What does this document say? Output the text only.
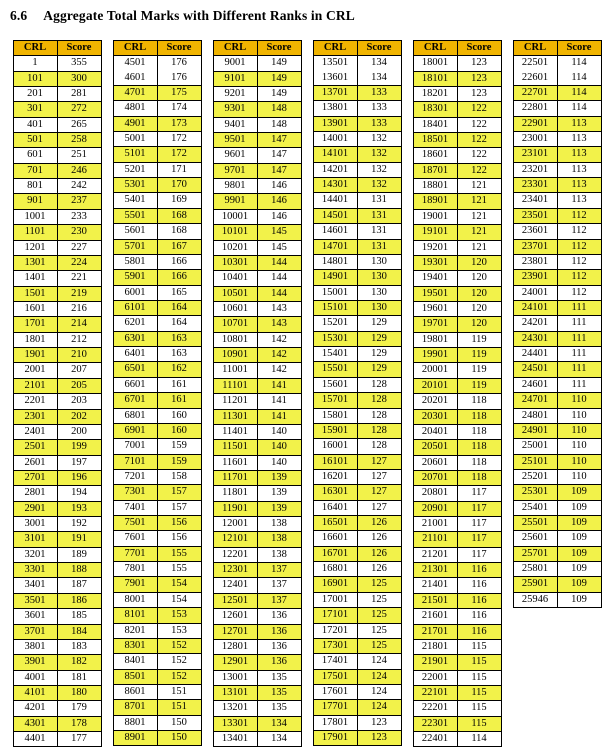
6.6 Aggregate Total Marks with Different Ranks in CRL
CRL	Score
1	355
101	300
201	281
301	272
401	265
501	258
601	251
701	246
801	242
901	237
1001	233
1101	230
1201	227
1301	224
1401	221
1501	219
1601	216
1701	214
1801	212
1901	210
2001	207
2101	205
2201	203
2301	202
2401	200
2501	199
2601	197
2701	196
2801	194
2901	193
3001	192
3101	191
3201	189
3301	188
3401	187
3501	186
3601	185
3701	184
3801	183
3901	182
4001	181
4101	180
4201	179
4301	178
4401	177
CRL	Score
4501	176
4601	176
4701	175
4801	174
4901	173
5001	172
5101	172
5201	171
5301	170
5401	169
5501	168
5601	168
5701	167
5801	166
5901	166
6001	165
6101	164
6201	164
6301	163
6401	163
6501	162
6601	161
6701	161
6801	160
6901	160
7001	159
7101	159
7201	158
7301	157
7401	157
7501	156
7601	156
7701	155
7801	155
7901	154
8001	154
8101	153
8201	153
8301	152
8401	152
8501	152
8601	151
8701	151
8801	150
8901	150
CRL	Score
9001	149
9101	149
9201	149
9301	148
9401	148
9501	147
9601	147
9701	147
9801	146
9901	146
10001	146
10101	145
10201	145
10301	144
10401	144
10501	144
10601	143
10701	143
10801	142
10901	142
11001	142
11101	141
11201	141
11301	141
11401	140
11501	140
11601	140
11701	139
11801	139
11901	139
12001	138
12101	138
12201	138
12301	137
12401	137
12501	137
12601	136
12701	136
12801	136
12901	136
13001	135
13101	135
13201	135
13301	134
13401	134
CRL	Score
13501	134
13601	134
13701	133
13801	133
13901	133
14001	132
14101	132
14201	132
14301	132
14401	131
14501	131
14601	131
14701	131
14801	130
14901	130
15001	130
15101	130
15201	129
15301	129
15401	129
15501	129
15601	128
15701	128
15801	128
15901	128
16001	128
16101	127
16201	127
16301	127
16401	127
16501	126
16601	126
16701	126
16801	126
16901	125
17001	125
17101	125
17201	125
17301	125
17401	124
17501	124
17601	124
17701	124
17801	123
17901	123
CRL	Score
18001	123
18101	123
18201	123
18301	122
18401	122
18501	122
18601	122
18701	122
18801	121
18901	121
19001	121
19101	121
19201	121
19301	120
19401	120
19501	120
19601	120
19701	120
19801	119
19901	119
20001	119
20101	119
20201	118
20301	118
20401	118
20501	118
20601	118
20701	118
20801	117
20901	117
21001	117
21101	117
21201	117
21301	116
21401	116
21501	116
21601	116
21701	116
21801	115
21901	115
22001	115
22101	115
22201	115
22301	115
22401	114
CRL	Score
22501	114
22601	114
22701	114
22801	114
22901	113
23001	113
23101	113
23201	113
23301	113
23401	113
23501	112
23601	112
23701	112
23801	112
23901	112
24001	112
24101	111
24201	111
24301	111
24401	111
24501	111
24601	111
24701	110
24801	110
24901	110
25001	110
25101	110
25201	110
25301	109
25401	109
25501	109
25601	109
25701	109
25801	109
25901	109
25946	109
